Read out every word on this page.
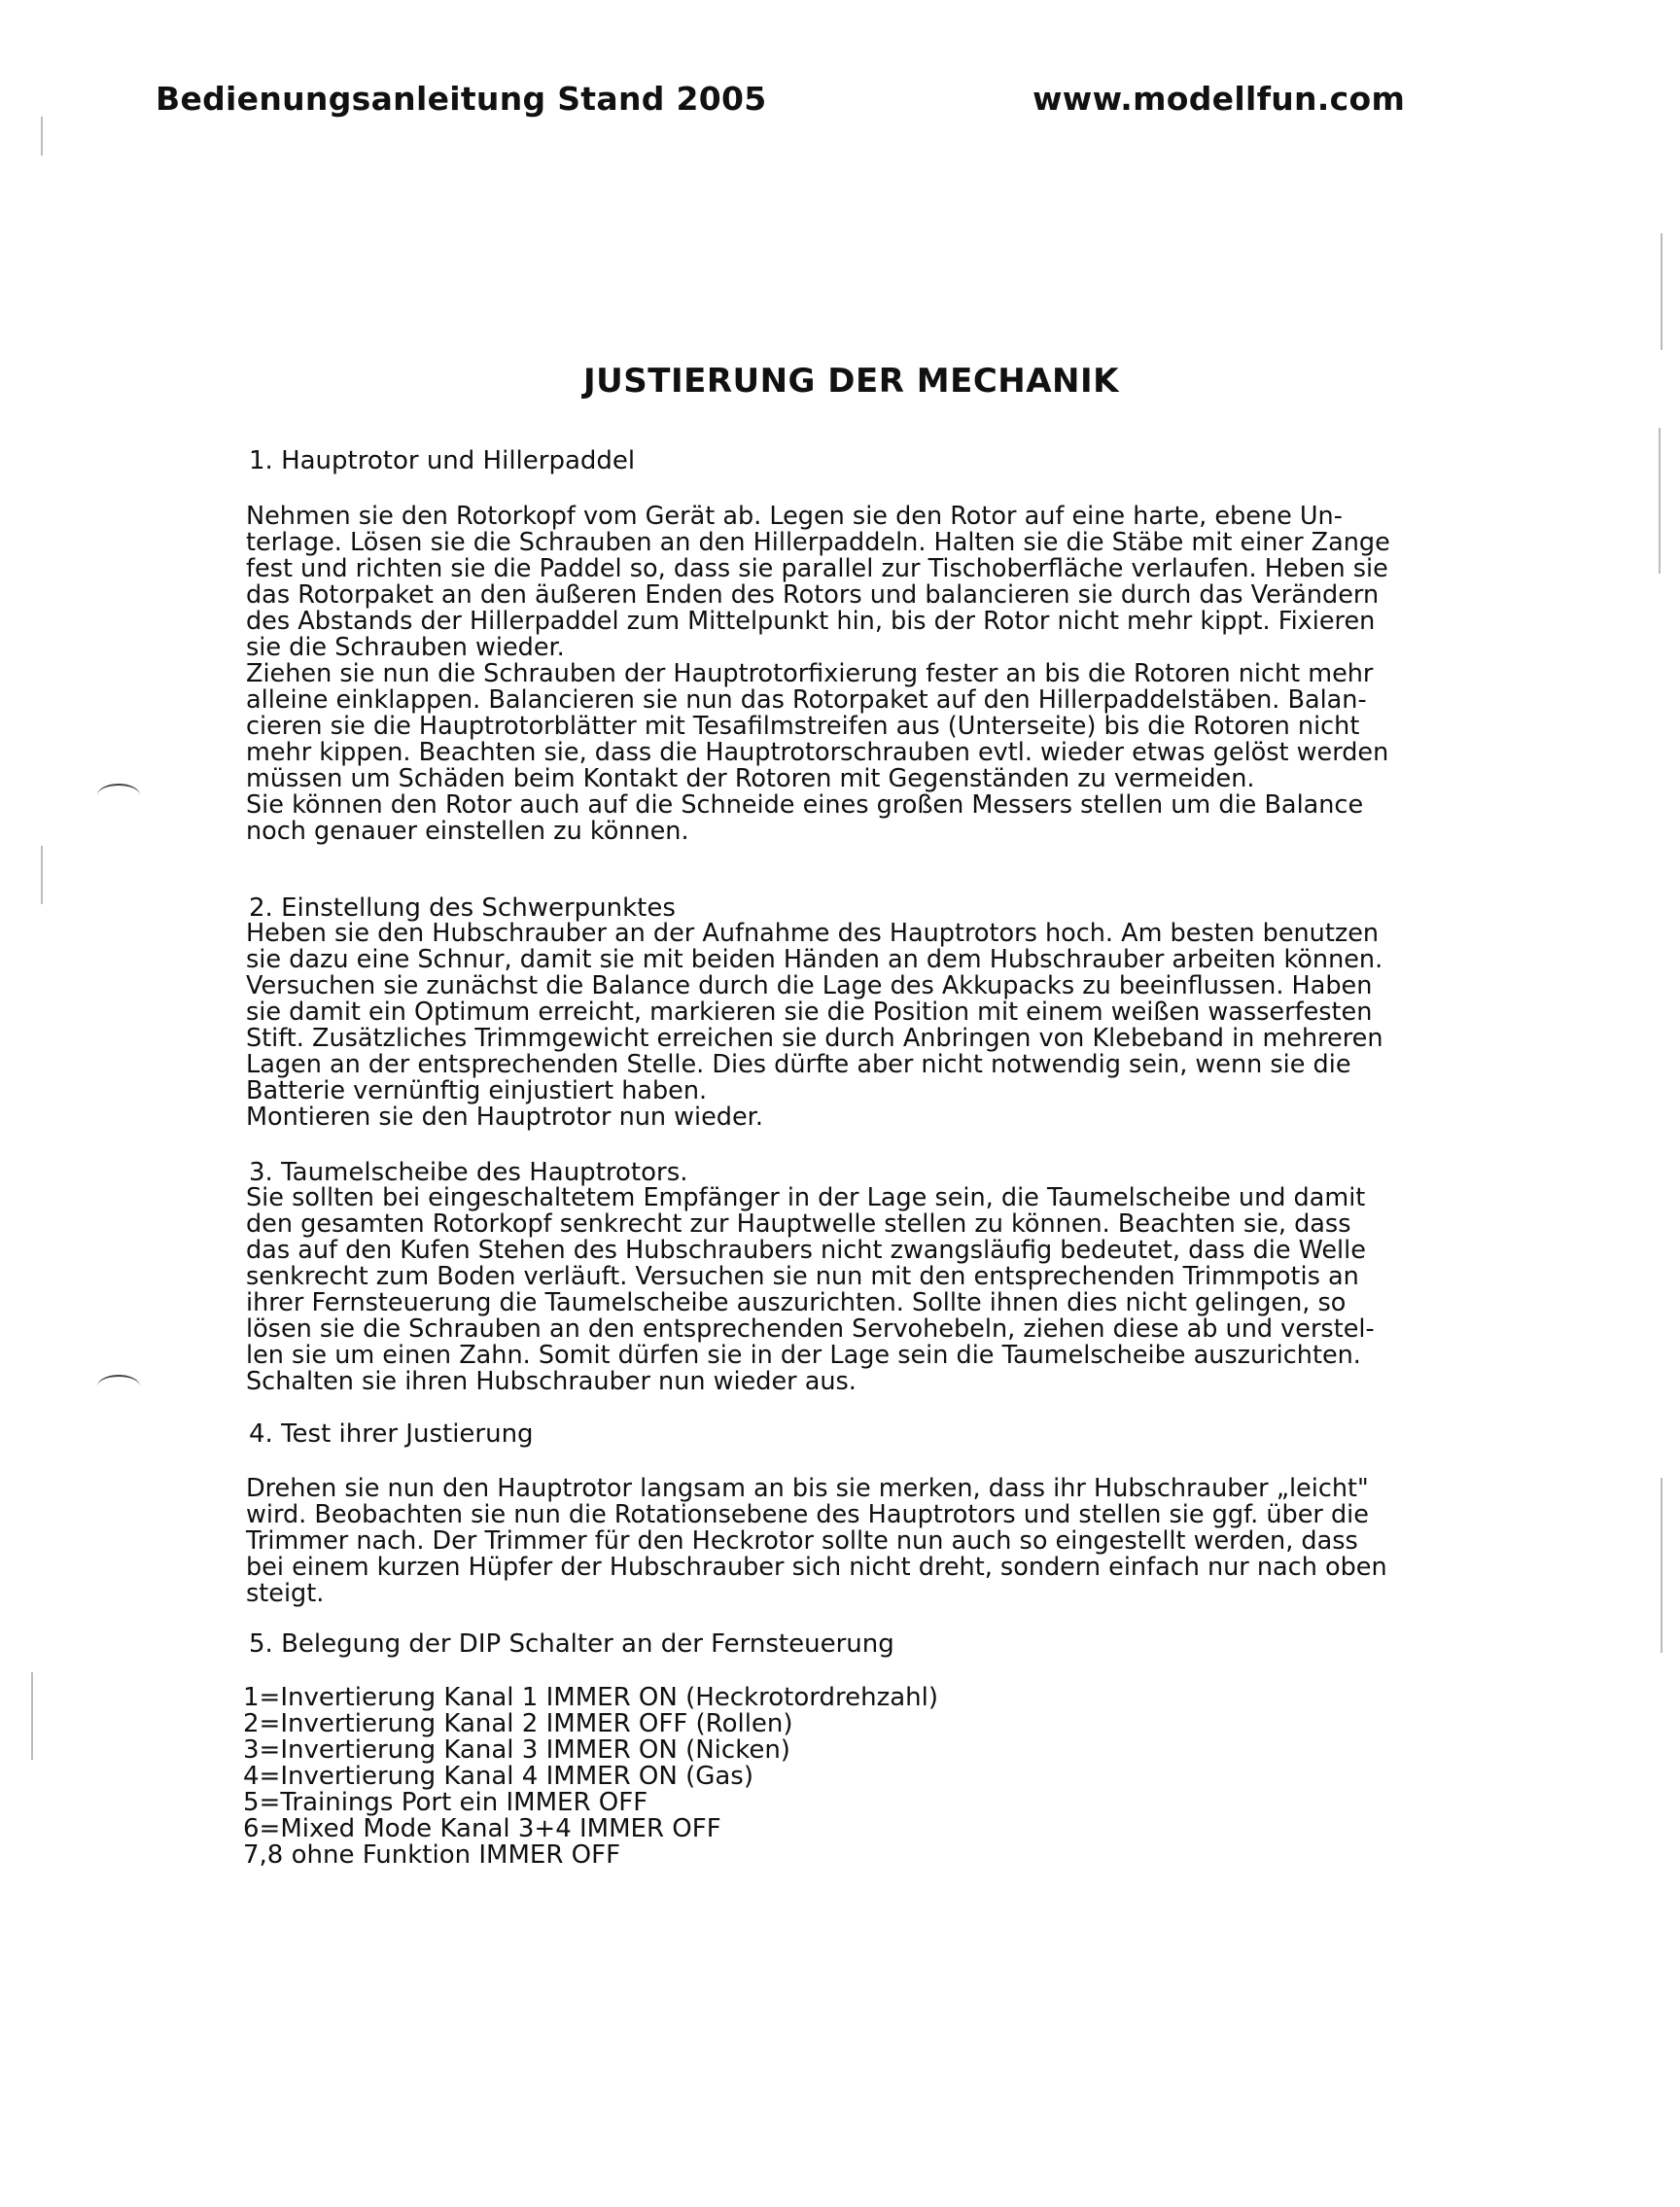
Bedienungsanleitung Stand 2005	www.modellfun.com
JUSTIERUNG DER MECHANIK
1. Hauptrotor und Hillerpaddel
Nehmen sie den Rotorkopf vom Gerät ab. Legen sie den Rotor auf eine harte, ebene Un-
terlage. Lösen sie die Schrauben an den Hillerpaddeln. Halten sie die Stäbe mit einer Zange
fest und richten sie die Paddel so, dass sie parallel zur Tischoberfläche verlaufen. Heben sie
das Rotorpaket an den äußeren Enden des Rotors und balancieren sie durch das Verändern
des Abstands der Hillerpaddel zum Mittelpunkt hin, bis der Rotor nicht mehr kippt. Fixieren
sie die Schrauben wieder.
Ziehen sie nun die Schrauben der Hauptrotorfixierung fester an bis die Rotoren nicht mehr
alleine einklappen. Balancieren sie nun das Rotorpaket auf den Hillerpaddelstäben. Balan-
cieren sie die Hauptrotorblätter mit Tesafilmstreifen aus (Unterseite) bis die Rotoren nicht
mehr kippen. Beachten sie, dass die Hauptrotorschrauben evtl. wieder etwas gelöst werden
müssen um Schäden beim Kontakt der Rotoren mit Gegenständen zu vermeiden.
Sie können den Rotor auch auf die Schneide eines großen Messers stellen um die Balance
noch genauer einstellen zu können.
2. Einstellung des Schwerpunktes
Heben sie den Hubschrauber an der Aufnahme des Hauptrotors hoch. Am besten benutzen
sie dazu eine Schnur, damit sie mit beiden Händen an dem Hubschrauber arbeiten können.
Versuchen sie zunächst die Balance durch die Lage des Akkupacks zu beeinflussen. Haben
sie damit ein Optimum erreicht, markieren sie die Position mit einem weißen wasserfesten
Stift. Zusätzliches Trimmgewicht erreichen sie durch Anbringen von Klebeband in mehreren
Lagen an der entsprechenden Stelle. Dies dürfte aber nicht notwendig sein, wenn sie die
Batterie vernünftig einjustiert haben.
Montieren sie den Hauptrotor nun wieder.
3. Taumelscheibe des Hauptrotors.
Sie sollten bei eingeschaltetem Empfänger in der Lage sein, die Taumelscheibe und damit
den gesamten Rotorkopf senkrecht zur Hauptwelle stellen zu können. Beachten sie, dass
das auf den Kufen Stehen des Hubschraubers nicht zwangsläufig bedeutet, dass die Welle
senkrecht zum Boden verläuft. Versuchen sie nun mit den entsprechenden Trimmpotis an
ihrer Fernsteuerung die Taumelscheibe auszurichten. Sollte ihnen dies nicht gelingen, so
lösen sie die Schrauben an den entsprechenden Servohebeln, ziehen diese ab und verstel-
len sie um einen Zahn. Somit dürfen sie in der Lage sein die Taumelscheibe auszurichten.
Schalten sie ihren Hubschrauber nun wieder aus.
4. Test ihrer Justierung
Drehen sie nun den Hauptrotor langsam an bis sie merken, dass ihr Hubschrauber „leicht"
wird. Beobachten sie nun die Rotationsebene des Hauptrotors und stellen sie ggf. über die
Trimmer nach. Der Trimmer für den Heckrotor sollte nun auch so eingestellt werden, dass
bei einem kurzen Hüpfer der Hubschrauber sich nicht dreht, sondern einfach nur nach oben
steigt.
5. Belegung der DIP Schalter an der Fernsteuerung
1=Invertierung Kanal 1 IMMER ON (Heckrotordrehzahl)
2=Invertierung Kanal 2 IMMER OFF (Rollen)
3=Invertierung Kanal 3 IMMER ON (Nicken)
4=Invertierung Kanal 4 IMMER ON (Gas)
5=Trainings Port ein IMMER OFF
6=Mixed Mode Kanal 3+4 IMMER OFF
7,8 ohne Funktion IMMER OFF
